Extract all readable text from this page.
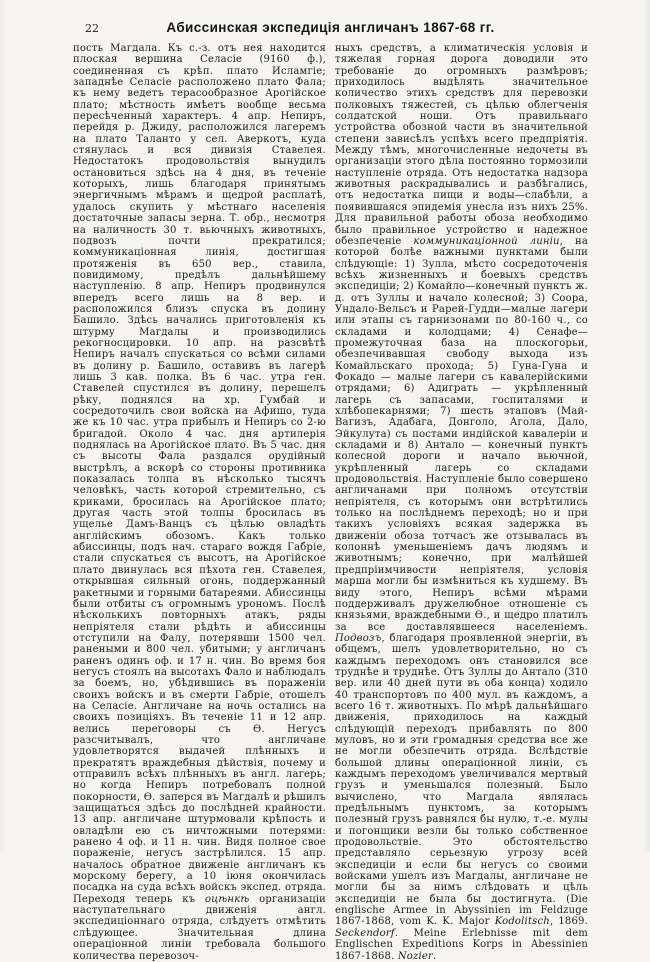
22	Абиссинская экспедиція англичанъ 1867-68 гг.

пость Магдала. Къ с.-з. отъ нея находится плоская вершина Селасіе (9160 ф.), соединенная съ крѣп. плато Исламгіе; западнѣе Селасіе расположено плато Фала; къ нему ведетъ терасообразное Арогійское плато; мѣстность имѣетъ вообще весьма пересѣченный характеръ. 4 апр. Непиръ, перейдя р. Джиду, расположился лагеремъ на плато Таланто у сел. Аверкотъ, куда стянулась и вся дивизія Ставелея. Недостатокъ продовольствія вынудилъ остановиться здѣсь на 4 дня, въ теченіе которыхъ, лишь благодаря принятымъ энергичнымъ мѣрамъ и щедрой расплатѣ, удалось скупить у мѣстнаго населенія достаточные запасы зерна. Т. обр., несмотря на наличность 30 т. вьючныхъ животныхъ, подвозъ почти прекратился; коммуникаціонная линія, достигшая протяженія въ 650 вер., ставила, повидимому, предѣлъ дальнѣйшему наступленію. 8 апр. Непиръ продвинулся впередъ всего лишь на 8 вер. и расположился близъ спуска въ долину Башило. Здѣсь начались приготовленія къ штурму Магдалы и производились рекогносцировки. 10 апр. на разсвѣтѣ Непиръ началъ спускаться со всѣми силами въ долину р. Башило, оставивъ въ лагерѣ лишь 3 кав. полка. Въ 6 час. утра ген. Ставелей спустился въ долину, перешелъ рѣку, поднялся на хр. Гумбай и сосредоточилъ свои войска на Афишо, туда же къ 10 час. утра прибылъ и Непиръ со 2-ю бригадой. Около 4 час. дня артилерія поднялась на Арогійское плато. Въ 5 час. дня съ высоты Фала раздался орудійный выстрѣлъ, а вскорѣ со стороны противника показалась толпа въ нѣсколько тысячъ человѣкъ, часть которой стремительно, съ криками, бросилась на Арогійское плато; другая часть этой толпы бросилась въ ущелье Дамъ-Ванцъ съ цѣлью овладѣть англійскимъ обозомъ. Какъ только абиссинцы, подъ нач. стараго вождя Габріе, стали спускаться съ высотъ, на Арогійское плато двинулась вся пѣхота ген. Ставелея, открывшая сильный огонь, поддержанный ракетными и горными батареями. Абиссинцы были отбиты съ огромнымъ урономъ. Послѣ нѣсколькихъ повторныхъ атакъ, ряды непріятеля стали рѣдѣть и абиссинцы отступили на Фалу, потерявши 1500 чел. ранеными и 800 чел. убитыми; у англичанъ раненъ одинъ оф. и 17 н. чин. Во время боя негусъ стоялъ на высотахъ Фало и наблюдалъ за боемъ, но, убѣдившись въ пораженіи своихъ войскъ и въ смерти Габріе, отошелъ на Селасіе. Англичане на ночь остались на своихъ позиціяхъ. Въ теченіе 11 и 12 апр. велись переговоры съ Ѳ. Негусъ разсчитывалъ, что англичане удовлетворятся выдачей плѣнныхъ и прекратятъ враждебныя дѣйствія, почему и отправилъ всѣхъ плѣнныхъ въ англ. лагерь; но когда Непиръ потребовалъ полной покорности, Ѳ. заперся въ Магдалѣ и рѣшилъ защищаться здѣсь до послѣдней крайности. 13 апр. англичане штурмовали крѣпость и овладѣли ею съ ничтожными потерями: ранено 4 оф. и 11 н. чин. Видя полное свое пораженіе, негусъ застрѣлился. 15 апр. началось обратное движеніе англичанъ къ морскому берегу, а 10 іюня окончилась посадка на суда всѣхъ войскъ экспед. отряда. Переходя теперь къ оцѣнкѣ организаціи наступательнаго движенія англ. экспедиціоннаго отряда, слѣдуетъ отмѣтить слѣдующее. Значительная длина операціонной линіи требовала большого количества перевозоч-

ныхъ средствъ, а климатическія условія и тяжелая горная дорога доводили это требованіе до огромныхъ размѣровъ; приходилось выдѣлять значительное количество этихъ средствъ для перевозки полковыхъ тяжестей, съ цѣлью облегченія солдатской ноши. Отъ правильнаго устройства обозной части въ значительной степени зависѣлъ успѣхъ всего предпріятія. Между тѣмъ, многочисленные недочеты въ организаціи этого дѣла постоянно тормозили наступленіе отряда. Отъ недостатка надзора животныя раскрадывались и разбѣгались, отъ недостатка пищи и воды—слабѣли, а появившаяся эпидемія унесла изъ нихъ 25%. Для правильной работы обоза необходимо было правильное устройство и надежное обезпеченіе коммуникаціонной линіи, на которой болѣе важными пунктами были слѣдующіе: 1) Зулла, мѣсто сосредоточенія всѣхъ жизненныхъ и боевыхъ средствъ экспедиціи; 2) Комайло—конечный пунктъ ж. д. отъ Зуллы и начало колесной; 3) Соора, Ундало-Вельсъ и Рарей-Гудди—малые лагери или этапы съ гарнизонами по 80-160 ч., со складами и колодцами; 4) Сенафе—промежуточная база на плоскогорьи, обезпечивавшая свободу выхода изъ Комайльскаго прохода; 5) Гуна-Гуна и Фокадо — малые лагери съ кавалерійскими отрядами; 6) Адиграть — укрѣпленный лагерь съ запасами, госпиталями и хлѣбопекарнями; 7) шесть этаповъ (Май-Вагизъ, Адабага, Донголо, Агола, Дало, Эйкулута) съ постами индійской кавалеріи и складами и 8) Антало — конечный пунктъ колесной дороги и начало вьючной, укрѣпленный лагерь со складами продовольствія. Наступленіе было совершено англичанами при полномъ отсутствіи непріятеля, съ которымъ они встрѣтились только на послѣднемъ переходѣ; но и при такихъ условіяхъ всякая задержка въ движеніи обоза тотчасъ же отзывалась въ колоннѣ уменьшеніемъ дачъ людямъ и животнымъ; конечно, при малѣйшей предпріимчивости непріятеля, условія марша могли бы измѣниться къ худшему. Въ виду этого, Непиръ всѣми мѣрами поддерживалъ дружелюбное отношеніе съ князьями, враждебными Ѳ., и щедро платилъ за все доставлявшееся населеніемъ. Подвозъ, благодаря проявленной энергіи, въ общемъ, шелъ удовлетворительно, но съ каждымъ переходомъ онъ становился все труднѣе и труднѣе. Отъ Зуллы до Антало (310 вер. или 40 дней пути въ оба конца) ходило 40 транспортовъ по 400 мул. въ каждомъ, а всего 16 т. животныхъ. По мѣрѣ дальнѣйшаго движенія, приходилось на каждый слѣдующій переходъ прибавлять по 800 муловъ, но и эти громадныя средства все же не могли обезпечить отряда. Вслѣдствіе большой длины операціонной линіи, съ каждымъ переходомъ увеличивался мертвый грузъ и уменьшался полезный. Было вычислено, что Магдала являлась предѣльнымъ пунктомъ, за которымъ полезный грузъ равнялся бы нулю, т.-е. мулы и погонщики везли бы только собственное продовольствіе. Это обстоятельство представляло серьезную угрозу всей экспедиціи и если бы негусъ со своими войсками ушелъ изъ Магдалы, англичане не могли бы за нимъ слѣдовать и цѣль экспедиціи не была бы достигнута. (Die englische Armee in Abyssinien im Feldzuge 1867-1868, vom K. K. Major Kodolitsch, 1869. Seckendorf. Meine Erlebnisse mit dem Englischen Expeditions Korps in Abessinien 1867-1868. Nozier.
